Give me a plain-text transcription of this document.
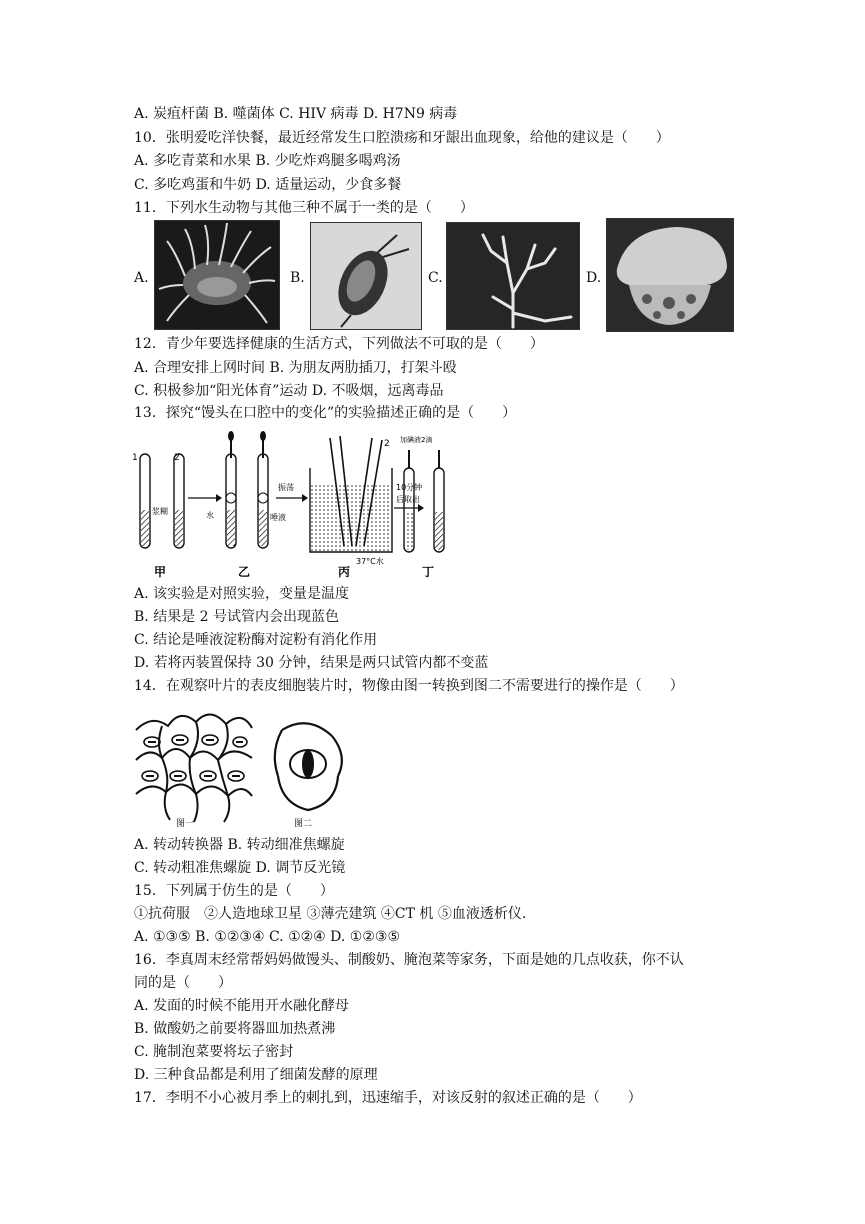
A. 炭疽杆菌 B. 噬菌体 C. HIV 病毒 D. H7N9 病毒
10．张明爱吃洋快餐，最近经常发生口腔溃疡和牙龈出血现象，给他的建议是（　　）
A. 多吃青菜和水果 B. 少吃炸鸡腿多喝鸡汤
C. 多吃鸡蛋和牛奶 D. 适量运动，少食多餐
11．下列水生动物与其他三种不属于一类的是（　　）
A.	B.	C.	D.
12．青少年要选择健康的生活方式，下列做法不可取的是（　　）
A. 合理安排上网时间 B. 为朋友两肋插刀，打架斗殴
C. 积极参加“阳光体育”运动 D. 不吸烟，远离毒品
13．探究“馒头在口腔中的变化”的实验描述正确的是（　　）
1
浆糊
2
水	唾液
振荡
2
37°C水
10分钟
后取出
加碘液2滴
甲	乙	丙	丁
A. 该实验是对照实验，变量是温度
B. 结果是 2 号试管内会出现蓝色
C. 结论是唾液淀粉酶对淀粉有消化作用
D. 若将丙装置保持 30 分钟，结果是两只试管内都不变蓝
14．在观察叶片的表皮细胞装片时，物像由图一转换到图二不需要进行的操作是（　　）
图一	图二
A. 转动转换器 B. 转动细准焦螺旋
C. 转动粗准焦螺旋 D. 调节反光镜
15．下列属于仿生的是（　　）
①抗荷服　②人造地球卫星 ③薄壳建筑 ④CT 机 ⑤血液透析仪.
A. ①③⑤ B. ①②③④ C. ①②④ D. ①②③⑤
16．李真周末经常帮妈妈做馒头、制酸奶、腌泡菜等家务，下面是她的几点收获，你不认
同的是（　　）
A. 发面的时候不能用开水融化酵母
B. 做酸奶之前要将器皿加热煮沸
C. 腌制泡菜要将坛子密封
D. 三种食品都是利用了细菌发酵的原理
17．李明不小心被月季上的刺扎到，迅速缩手，对该反射的叙述正确的是（　　）
